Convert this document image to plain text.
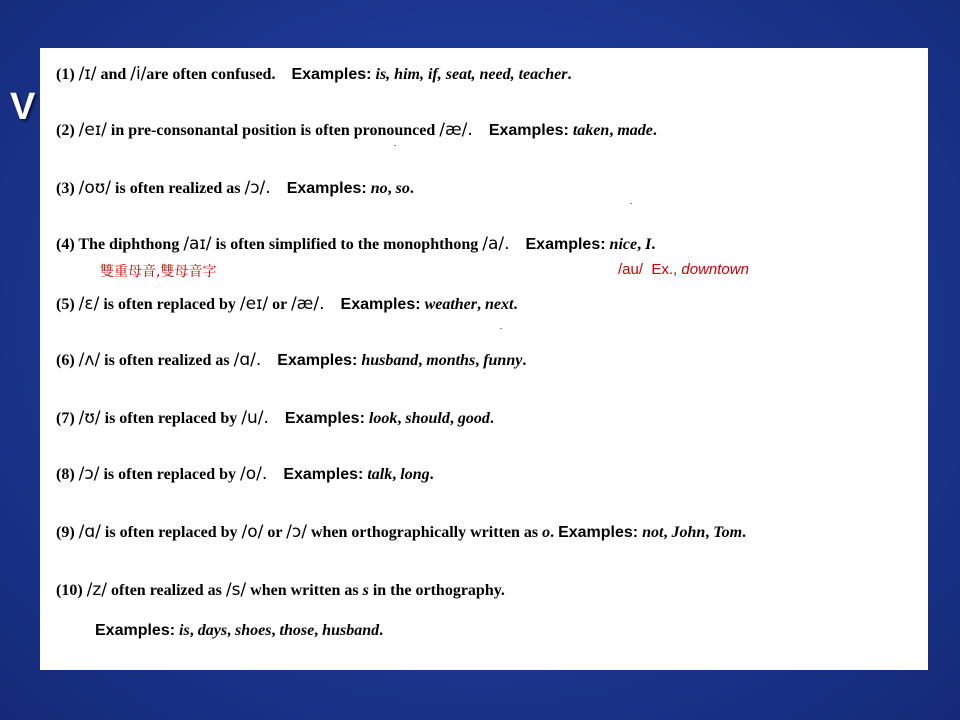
V
(1) /ɪ/ and /i/are often confused. Examples: is, him, if, seat, need, teacher.
(2) /eɪ/ in pre-consonantal position is often pronounced /æ/. Examples: taken, made.
(3) /oʊ/ is often realized as /ɔ/. Examples: no, so.
(4) The diphthong /aɪ/ is often simplified to the monophthong /a/. Examples: nice, I.
雙重母音,雙母音字	/au/ Ex., downtown
(5) /ɛ/ is often replaced by /eɪ/ or /æ/. Examples: weather, next.
(6) /ʌ/ is often realized as /ɑ/. Examples: husband, months, funny.
(7) /ʊ/ is often replaced by /u/. Examples: look, should, good.
(8) /ɔ/ is often replaced by /o/. Examples: talk, long.
(9) /ɑ/ is often replaced by /o/ or /ɔ/ when orthographically written as o. Examples: not, John, Tom.
(10) /z/ often realized as /s/ when written as s in the orthography.
Examples: is, days, shoes, those, husband.
